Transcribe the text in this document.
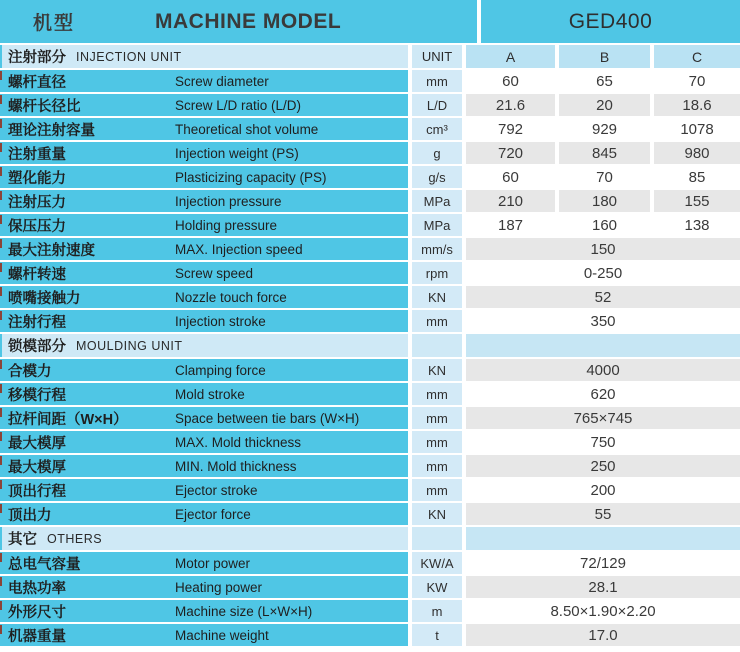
机型	MACHINE MODEL	GED400
注射部分 INJECTION UNIT	UNIT	A	B	C
螺杆直径	Screw diameter	mm	60	65	70
螺杆长径比	Screw L/D ratio (L/D)	L/D	21.6	20	18.6
理论注射容量	Theoretical shot volume	cm³	792	929	1078
注射重量	Injection weight (PS)	g	720	845	980
塑化能力	Plasticizing capacity (PS)	g/s	60	70	85
注射压力	Injection pressure	MPa	210	180	155
保压压力	Holding pressure	MPa	187	160	138
最大注射速度	MAX. Injection speed	mm/s	150
螺杆转速	Screw speed	rpm	0-250
喷嘴接触力	Nozzle touch force	KN	52
注射行程	Injection stroke	mm	350
锁模部分 MOULDING UNIT
合模力	Clamping force	KN	4000
移模行程	Mold stroke	mm	620
拉杆间距（W×H）	Space between tie bars (W×H)	mm	765×745
最大模厚	MAX. Mold thickness	mm	750
最大模厚	MIN. Mold thickness	mm	250
顶出行程	Ejector stroke	mm	200
顶出力	Ejector force	KN	55
其它 OTHERS
总电气容量	Motor power	KW/A	72/129
电热功率	Heating power	KW	28.1
外形尺寸	Machine size (L×W×H)	m	8.50×1.90×2.20
机器重量	Machine weight	t	17.0
